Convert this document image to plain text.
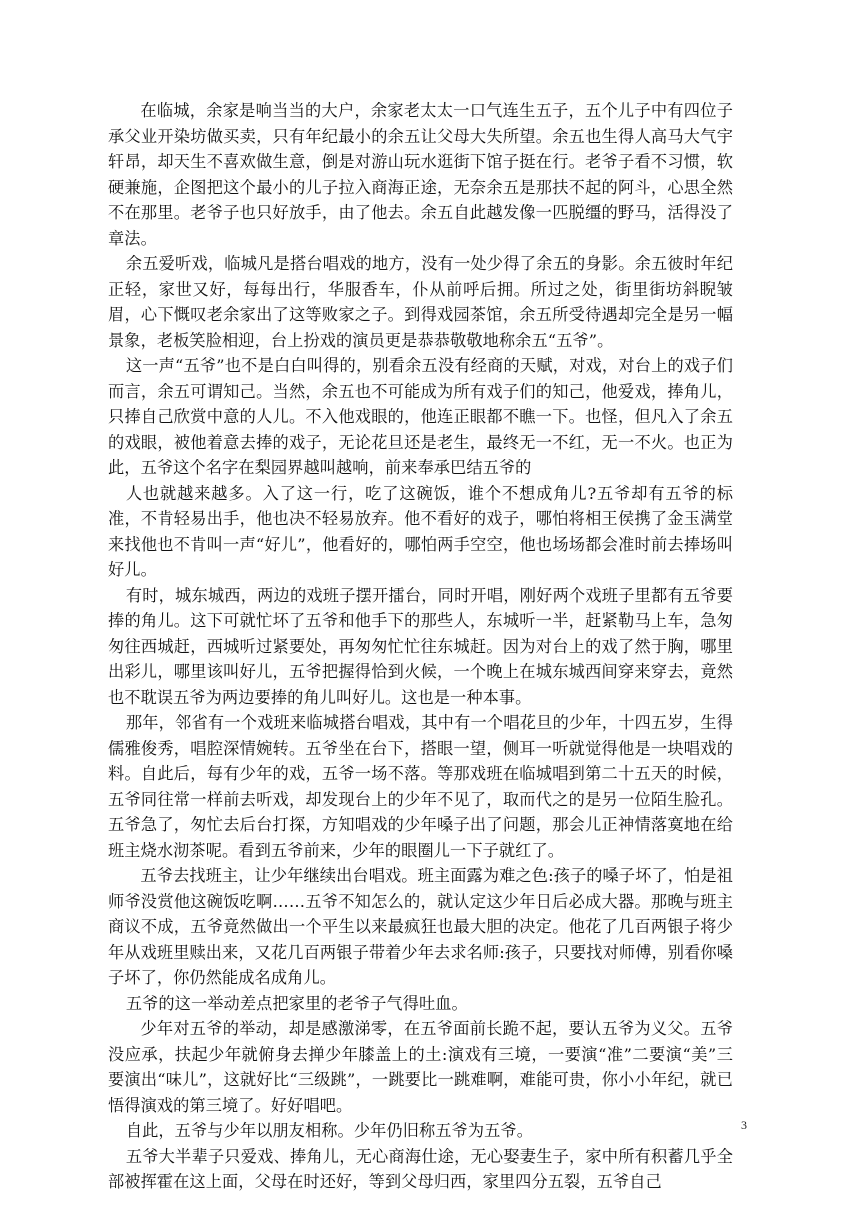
在临城，余家是响当当的大户，余家老太太一口气连生五子，五个儿子中有四位子承父业开染坊做买卖，只有年纪最小的余五让父母大失所望。余五也生得人高马大气宇轩昂，却天生不喜欢做生意，倒是对游山玩水逛街下馆子挺在行。老爷子看不习惯，软硬兼施，企图把这个最小的儿子拉入商海正途，无奈余五是那扶不起的阿斗，心思全然不在那里。老爷子也只好放手，由了他去。余五自此越发像一匹脱缰的野马，活得没了章法。

余五爱听戏，临城凡是搭台唱戏的地方，没有一处少得了余五的身影。余五彼时年纪正轻，家世又好，每每出行，华服香车，仆从前呼后拥。所过之处，街里街坊斜睨皱眉，心下慨叹老余家出了这等败家之子。到得戏园茶馆，余五所受待遇却完全是另一幅景象，老板笑脸相迎，台上扮戏的演员更是恭恭敬敬地称余五“五爷”。

这一声“五爷”也不是白白叫得的，别看余五没有经商的天赋，对戏，对台上的戏子们而言，余五可谓知己。当然，余五也不可能成为所有戏子们的知己，他爱戏，捧角儿，只捧自己欣赏中意的人儿。不入他戏眼的，他连正眼都不瞧一下。也怪，但凡入了余五的戏眼，被他着意去捧的戏子，无论花旦还是老生，最终无一不红，无一不火。也正为此，五爷这个名字在梨园界越叫越响，前来奉承巴结五爷的

人也就越来越多。入了这一行，吃了这碗饭，谁个不想成角儿?五爷却有五爷的标准，不肯轻易出手，他也决不轻易放弃。他不看好的戏子，哪怕将相王侯携了金玉满堂来找他也不肯叫一声“好儿”，他看好的，哪怕两手空空，他也场场都会准时前去捧场叫好儿。

有时，城东城西，两边的戏班子摆开擂台，同时开唱，刚好两个戏班子里都有五爷要捧的角儿。这下可就忙坏了五爷和他手下的那些人，东城听一半，赶紧勒马上车，急匆匆往西城赶，西城听过紧要处，再匆匆忙忙往东城赶。因为对台上的戏了然于胸，哪里出彩儿，哪里该叫好儿，五爷把握得恰到火候，一个晚上在城东城西间穿来穿去，竟然也不耽误五爷为两边要捧的角儿叫好儿。这也是一种本事。

那年，邻省有一个戏班来临城搭台唱戏，其中有一个唱花旦的少年，十四五岁，生得儒雅俊秀，唱腔深情婉转。五爷坐在台下，搭眼一望，侧耳一听就觉得他是一块唱戏的料。自此后，每有少年的戏，五爷一场不落。等那戏班在临城唱到第二十五天的时候，五爷同往常一样前去听戏，却发现台上的少年不见了，取而代之的是另一位陌生脸孔。五爷急了，匆忙去后台打探，方知唱戏的少年嗓子出了问题，那会儿正神情落寞地在给班主烧水沏茶呢。看到五爷前来，少年的眼圈儿一下子就红了。

五爷去找班主，让少年继续出台唱戏。班主面露为难之色:孩子的嗓子坏了，怕是祖师爷没赏他这碗饭吃啊……五爷不知怎么的，就认定这少年日后必成大器。那晚与班主商议不成，五爷竟然做出一个平生以来最疯狂也最大胆的决定。他花了几百两银子将少年从戏班里赎出来，又花几百两银子带着少年去求名师:孩子，只要找对师傅，别看你嗓子坏了，你仍然能成名成角儿。

五爷的这一举动差点把家里的老爷子气得吐血。

少年对五爷的举动，却是感激涕零，在五爷面前长跪不起，要认五爷为义父。五爷没应承，扶起少年就俯身去掸少年膝盖上的土:演戏有三境，一要演“准”二要演“美”三要演出“味儿”，这就好比“三级跳”，一跳要比一跳难啊，难能可贵，你小小年纪，就已悟得演戏的第三境了。好好唱吧。

自此，五爷与少年以朋友相称。少年仍旧称五爷为五爷。

五爷大半辈子只爱戏、捧角儿，无心商海仕途，无心娶妻生子，家中所有积蓄几乎全部被挥霍在这上面，父母在时还好，等到父母归西，家里四分五裂，五爷自己

3
